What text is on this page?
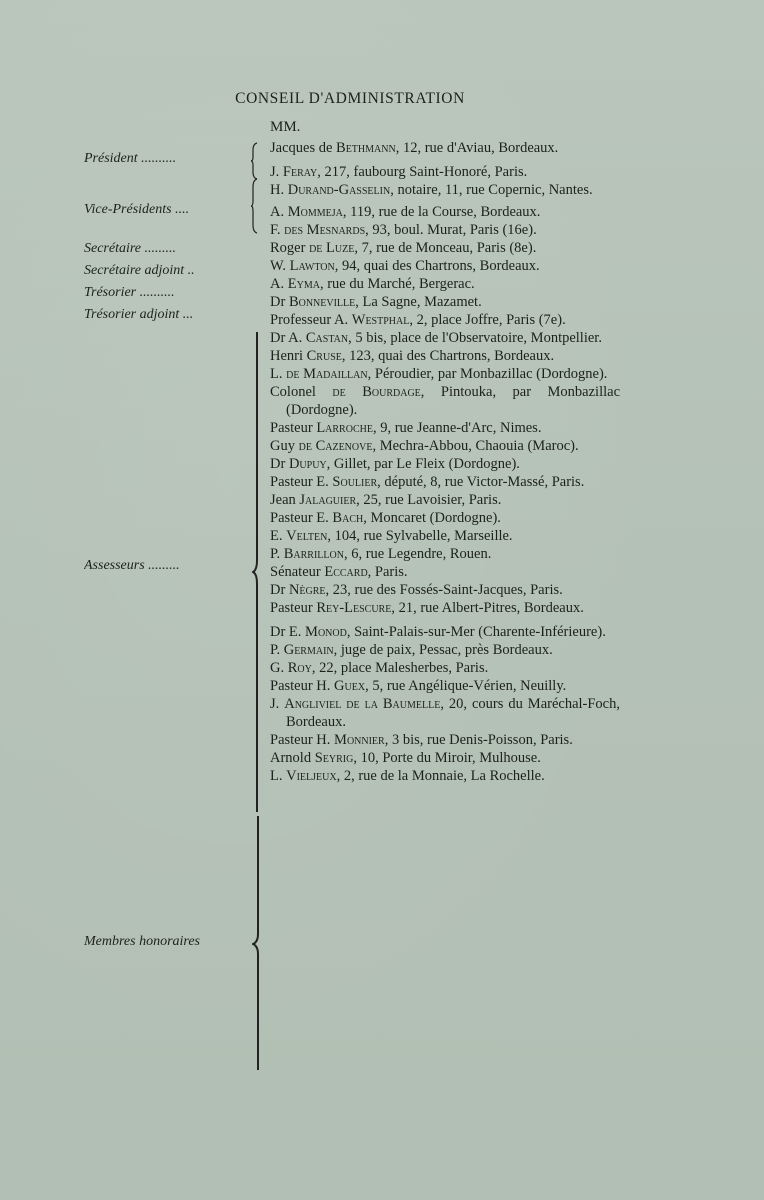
CONSEIL D'ADMINISTRATION
MM.
Président ..........
Vice-Présidents ....
Secrétaire .........
Secrétaire adjoint ..
Trésorier ..........
Trésorier adjoint ...
Assesseurs .........
Membres honoraires
Jacques de Bethmann, 12, rue d'Aviau, Bordeaux.
J. Feray, 217, faubourg Saint-Honoré, Paris.
H. Durand-Gasselin, notaire, 11, rue Copernic, Nantes.
A. Mommeja, 119, rue de la Course, Bordeaux.
F. des Mesnards, 93, boul. Murat, Paris (16e).
Roger de Luze, 7, rue de Monceau, Paris (8e).
W. Lawton, 94, quai des Chartrons, Bordeaux.
A. Eyma, rue du Marché, Bergerac.
Dr Bonneville, La Sagne, Mazamet.
Professeur A. Westphal, 2, place Joffre, Paris (7e).
Dr A. Castan, 5 bis, place de l'Observatoire, Montpellier.
Henri Cruse, 123, quai des Chartrons, Bordeaux.
L. de Madaillan, Péroudier, par Monbazillac (Dordogne).
Colonel de Bourdage, Pintouka, par Monbazillac (Dordogne).
Pasteur Larroche, 9, rue Jeanne-d'Arc, Nimes.
Guy de Cazenove, Mechra-Abbou, Chaouia (Maroc).
Dr Dupuy, Gillet, par Le Fleix (Dordogne).
Pasteur E. Soulier, député, 8, rue Victor-Massé, Paris.
Jean Jalaguier, 25, rue Lavoisier, Paris.
Pasteur E. Bach, Moncaret (Dordogne).
E. Velten, 104, rue Sylvabelle, Marseille.
P. Barrillon, 6, rue Legendre, Rouen.
Sénateur Eccard, Paris.
Dr Nègre, 23, rue des Fossés-Saint-Jacques, Paris.
Pasteur Rey-Lescure, 21, rue Albert-Pitres, Bordeaux.
Dr E. Monod, Saint-Palais-sur-Mer (Charente-Inférieure).
P. Germain, juge de paix, Pessac, près Bordeaux.
G. Roy, 22, place Malesherbes, Paris.
Pasteur H. Guex, 5, rue Angélique-Vérien, Neuilly.
J. Angliviel de la Baumelle, 20, cours du Maréchal-Foch, Bordeaux.
Pasteur H. Monnier, 3 bis, rue Denis-Poisson, Paris.
Arnold Seyrig, 10, Porte du Miroir, Mulhouse.
L. Vieljeux, 2, rue de la Monnaie, La Rochelle.
